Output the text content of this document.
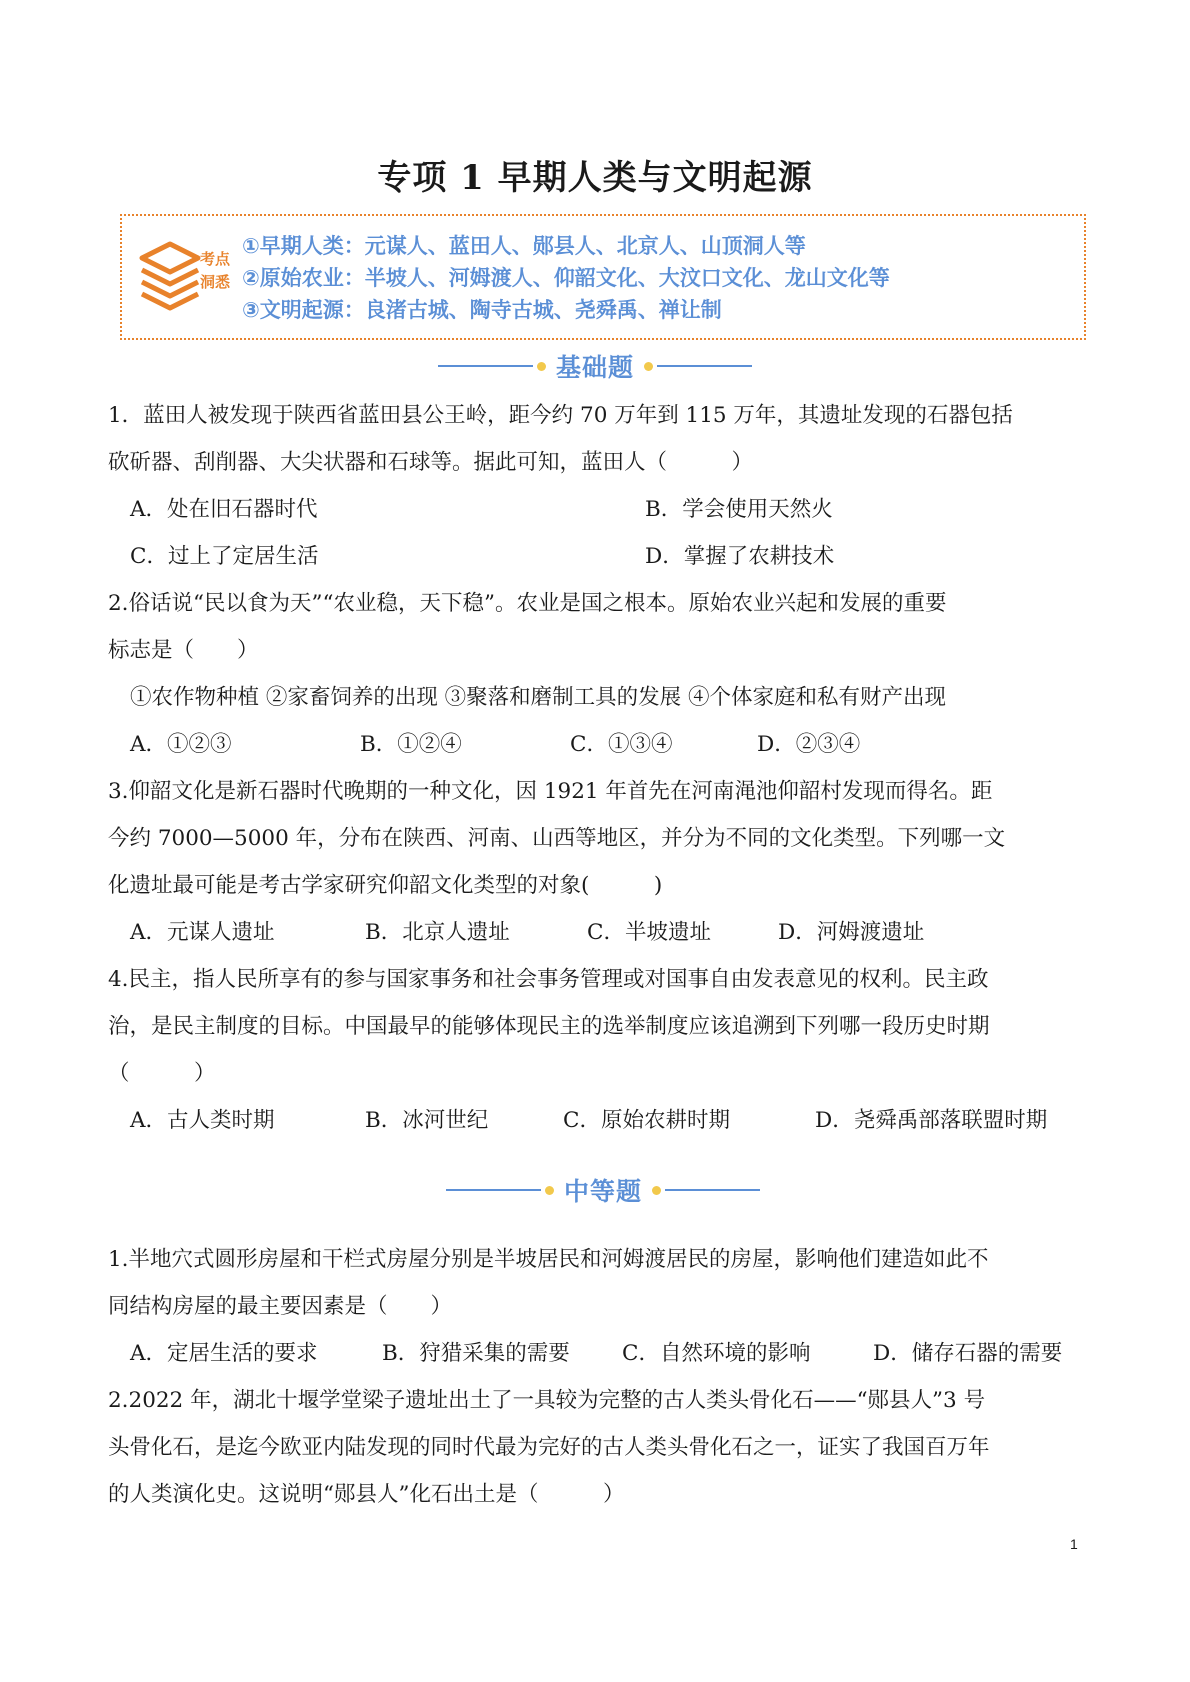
专项 1 早期人类与文明起源
考点
洞悉
①早期人类：元谋人、蓝田人、郧县人、北京人、山顶洞人等
②原始农业：半坡人、河姆渡人、仰韶文化、大汶口文化、龙山文化等
③文明起源：良渚古城、陶寺古城、尧舜禹、禅让制
基础题
1．蓝田人被发现于陕西省蓝田县公王岭，距今约 70 万年到 115 万年，其遗址发现的石器包括
砍斫器、刮削器、大尖状器和石球等。据此可知，蓝田人（　　　）
A．处在旧石器时代	B．学会使用天然火
C．过上了定居生活	D．掌握了农耕技术
2.俗话说“民以食为天”“农业稳，天下稳”。农业是国之根本。原始农业兴起和发展的重要
标志是（　　）
①农作物种植 ②家畜饲养的出现 ③聚落和磨制工具的发展 ④个体家庭和私有财产出现
A．①②③	B．①②④	C．①③④	D．②③④
3.仰韶文化是新石器时代晚期的一种文化，因 1921 年首先在河南渑池仰韶村发现而得名。距
今约 7000—5000 年，分布在陕西、河南、山西等地区，并分为不同的文化类型。下列哪一文
化遗址最可能是考古学家研究仰韶文化类型的对象(　　　)
A．元谋人遗址	B．北京人遗址	C．半坡遗址	D．河姆渡遗址
4.民主，指人民所享有的参与国家事务和社会事务管理或对国事自由发表意见的权利。民主政
治，是民主制度的目标。中国最早的能够体现民主的选举制度应该追溯到下列哪一段历史时期
（　　　）
A．古人类时期	B．冰河世纪	C．原始农耕时期	D．尧舜禹部落联盟时期
中等题
1.半地穴式圆形房屋和干栏式房屋分别是半坡居民和河姆渡居民的房屋，影响他们建造如此不
同结构房屋的最主要因素是（　　）
A．定居生活的要求	B．狩猎采集的需要 C．自然环境的影响	D．储存石器的需要
2.2022 年，湖北十堰学堂梁子遗址出土了一具较为完整的古人类头骨化石——“郧县人”3 号
头骨化石，是迄今欧亚内陆发现的同时代最为完好的古人类头骨化石之一，证实了我国百万年
的人类演化史。这说明“郧县人”化石出土是（　　　）
1
